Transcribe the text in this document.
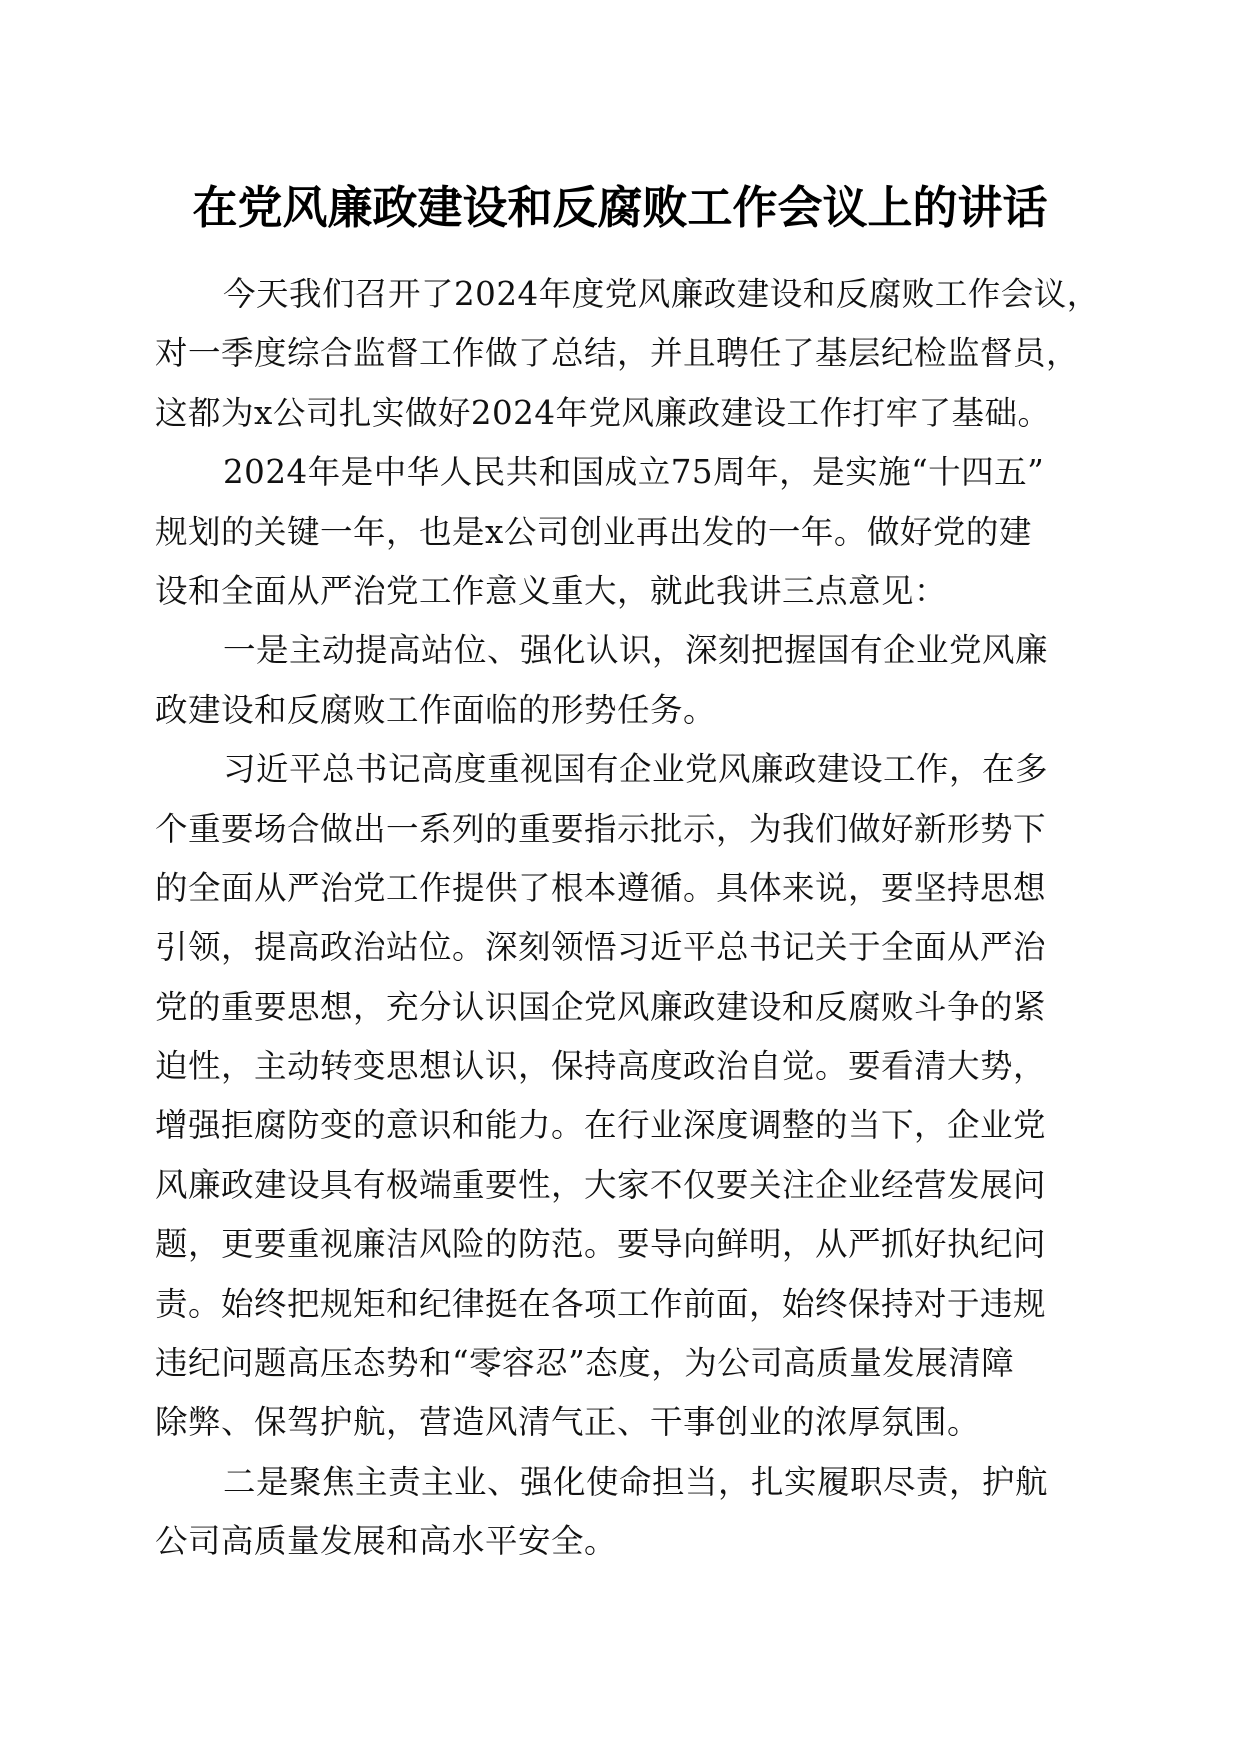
在党风廉政建设和反腐败工作会议上的讲话
今天我们召开了2024年度党风廉政建设和反腐败工作会议，
对一季度综合监督工作做了总结，并且聘任了基层纪检监督员，
这都为x公司扎实做好2024年党风廉政建设工作打牢了基础。
2024年是中华人民共和国成立75周年，是实施“十四五”
规划的关键一年，也是x公司创业再出发的一年。做好党的建
设和全面从严治党工作意义重大，就此我讲三点意见：
一是主动提高站位、强化认识，深刻把握国有企业党风廉
政建设和反腐败工作面临的形势任务。
习近平总书记高度重视国有企业党风廉政建设工作，在多
个重要场合做出一系列的重要指示批示，为我们做好新形势下
的全面从严治党工作提供了根本遵循。具体来说，要坚持思想
引领，提高政治站位。深刻领悟习近平总书记关于全面从严治
党的重要思想，充分认识国企党风廉政建设和反腐败斗争的紧
迫性，主动转变思想认识，保持高度政治自觉。要看清大势，
增强拒腐防变的意识和能力。在行业深度调整的当下，企业党
风廉政建设具有极端重要性，大家不仅要关注企业经营发展问
题，更要重视廉洁风险的防范。要导向鲜明，从严抓好执纪问
责。始终把规矩和纪律挺在各项工作前面，始终保持对于违规
违纪问题高压态势和“零容忍”态度，为公司高质量发展清障
除弊、保驾护航，营造风清气正、干事创业的浓厚氛围。
二是聚焦主责主业、强化使命担当，扎实履职尽责，护航
公司高质量发展和高水平安全。
